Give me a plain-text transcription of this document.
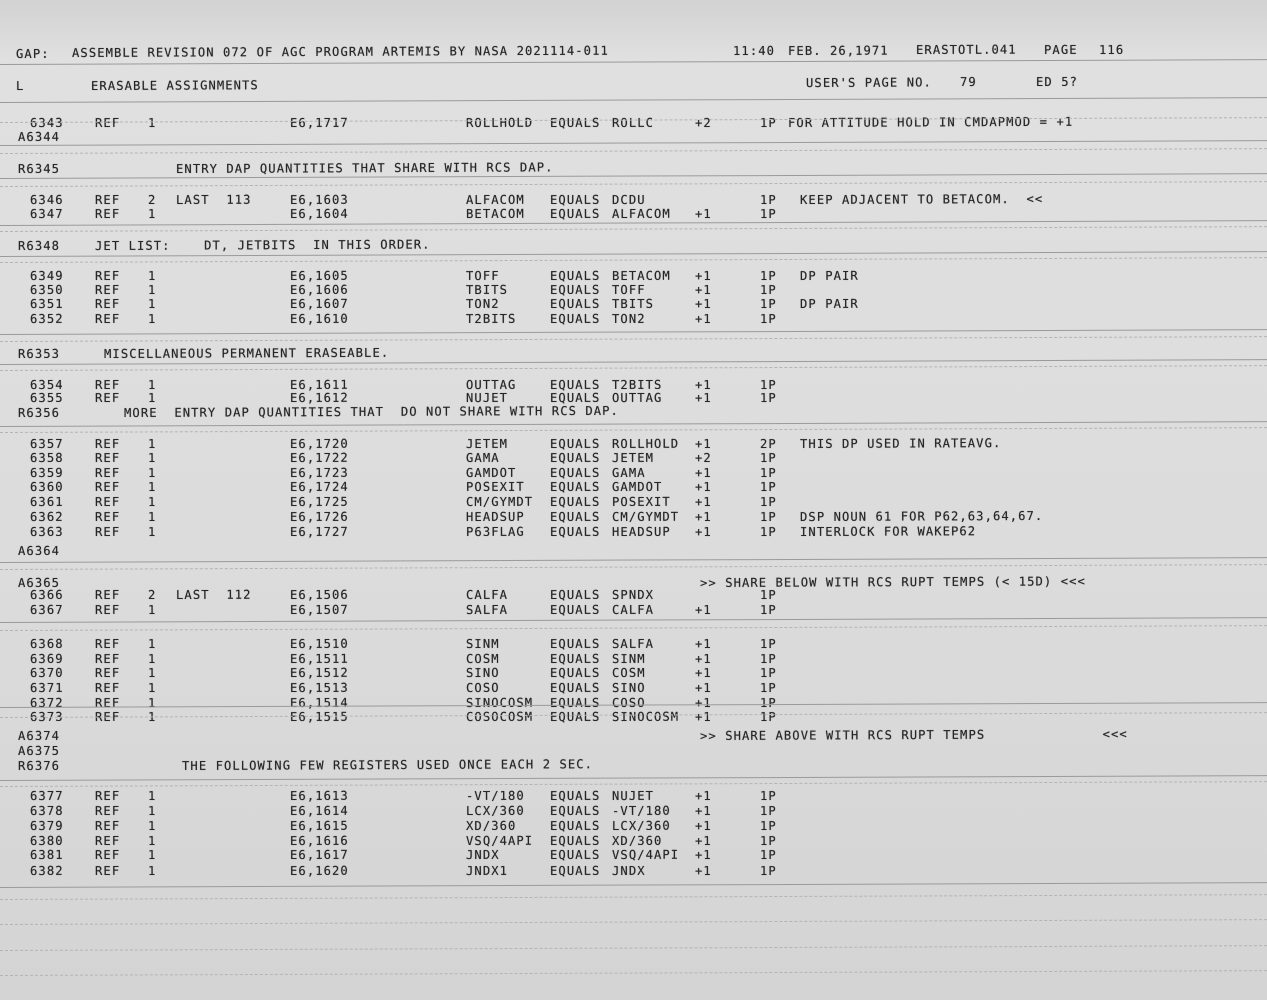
GAP: ASSEMBLE REVISION 072 OF AGC PROGRAM ARTEMIS BY NASA 2021114-011	11:40 FEB. 26,1971 ERASTOTL.041 PAGE 116
L	ERASABLE ASSIGNMENTS	USER'S PAGE NO. 79	ED 5?
6343	REF 1	E6,1717	ROLLHOLD EQUALS ROLLC	+2	1P FOR ATTITUDE HOLD IN CMDAPMOD = +1
A6344
R6345	ENTRY DAP QUANTITIES THAT SHARE WITH RCS DAP.
6346	REF 2 LAST  113	E6,1603	ALFACOM EQUALS DCDU	1P KEEP ADJACENT TO BETACOM.  <<
6347	REF 1	E6,1604	BETACOM EQUALS ALFACOM +1	1P
R6348	JET LIST:    DT, JETBITS  IN THIS ORDER.
6349	REF 1	E6,1605	TOFF	EQUALS BETACOM +1	1P DP PAIR
6350	REF 1	E6,1606	TBITS	EQUALS TOFF	+1	1P
6351	REF 1	E6,1607	TON2	EQUALS TBITS	+1	1P DP PAIR
6352	REF 1	E6,1610	T2BITS	EQUALS TON2	+1	1P
R6353	MISCELLANEOUS PERMANENT ERASEABLE.
6354	REF 1	E6,1611	OUTTAG	EQUALS T2BITS	+1	1P
6355	REF 1	E6,1612	NUJET	EQUALS OUTTAG	+1	1P
R6356	MORE  ENTRY DAP QUANTITIES THAT  DO NOT SHARE WITH RCS DAP.
6357	REF 1	E6,1720	JETEM	EQUALS ROLLHOLD +1	2P THIS DP USED IN RATEAVG.
6358	REF 1	E6,1722	GAMA	EQUALS JETEM	+2	1P
6359	REF 1	E6,1723	GAMDOT	EQUALS GAMA	+1	1P
6360	REF 1	E6,1724	POSEXIT EQUALS GAMDOT	+1	1P
6361	REF 1	E6,1725	CM/GYMDT EQUALS POSEXIT +1	1P
6362	REF 1	E6,1726	HEADSUP EQUALS CM/GYMDT +1	1P DSP NOUN 61 FOR P62,63,64,67.
6363	REF 1	E6,1727	P63FLAG EQUALS HEADSUP +1	1P INTERLOCK FOR WAKEP62
A6364
A6365	>> SHARE BELOW WITH RCS RUPT TEMPS (< 15D) <<<
6366	REF 2 LAST  112	E6,1506	CALFA	EQUALS SPNDX	1P
6367	REF 1	E6,1507	SALFA	EQUALS CALFA	+1	1P
6368	REF 1	E6,1510	SINM	EQUALS SALFA	+1	1P
6369	REF 1	E6,1511	COSM	EQUALS SINM	+1	1P
6370	REF 1	E6,1512	SINO	EQUALS COSM	+1	1P
6371	REF 1	E6,1513	COSO	EQUALS SINO	+1	1P
6372	REF 1	E6,1514	SINOCOSM EQUALS COSO	+1	1P
6373	REF 1	E6,1515	COSOCOSM EQUALS SINOCOSM +1	1P
A6374	>> SHARE ABOVE WITH RCS RUPT TEMPS              <<<
A6375
R6376	THE FOLLOWING FEW REGISTERS USED ONCE EACH 2 SEC.
6377	REF 1	E6,1613	-VT/180 EQUALS NUJET	+1	1P
6378	REF 1	E6,1614	LCX/360 EQUALS -VT/180 +1	1P
6379	REF 1	E6,1615	XD/360	EQUALS LCX/360 +1	1P
6380	REF 1	E6,1616	VSQ/4API EQUALS XD/360	+1	1P
6381	REF 1	E6,1617	JNDX	EQUALS VSQ/4API +1	1P
6382	REF 1	E6,1620	JNDX1	EQUALS JNDX	+1	1P
